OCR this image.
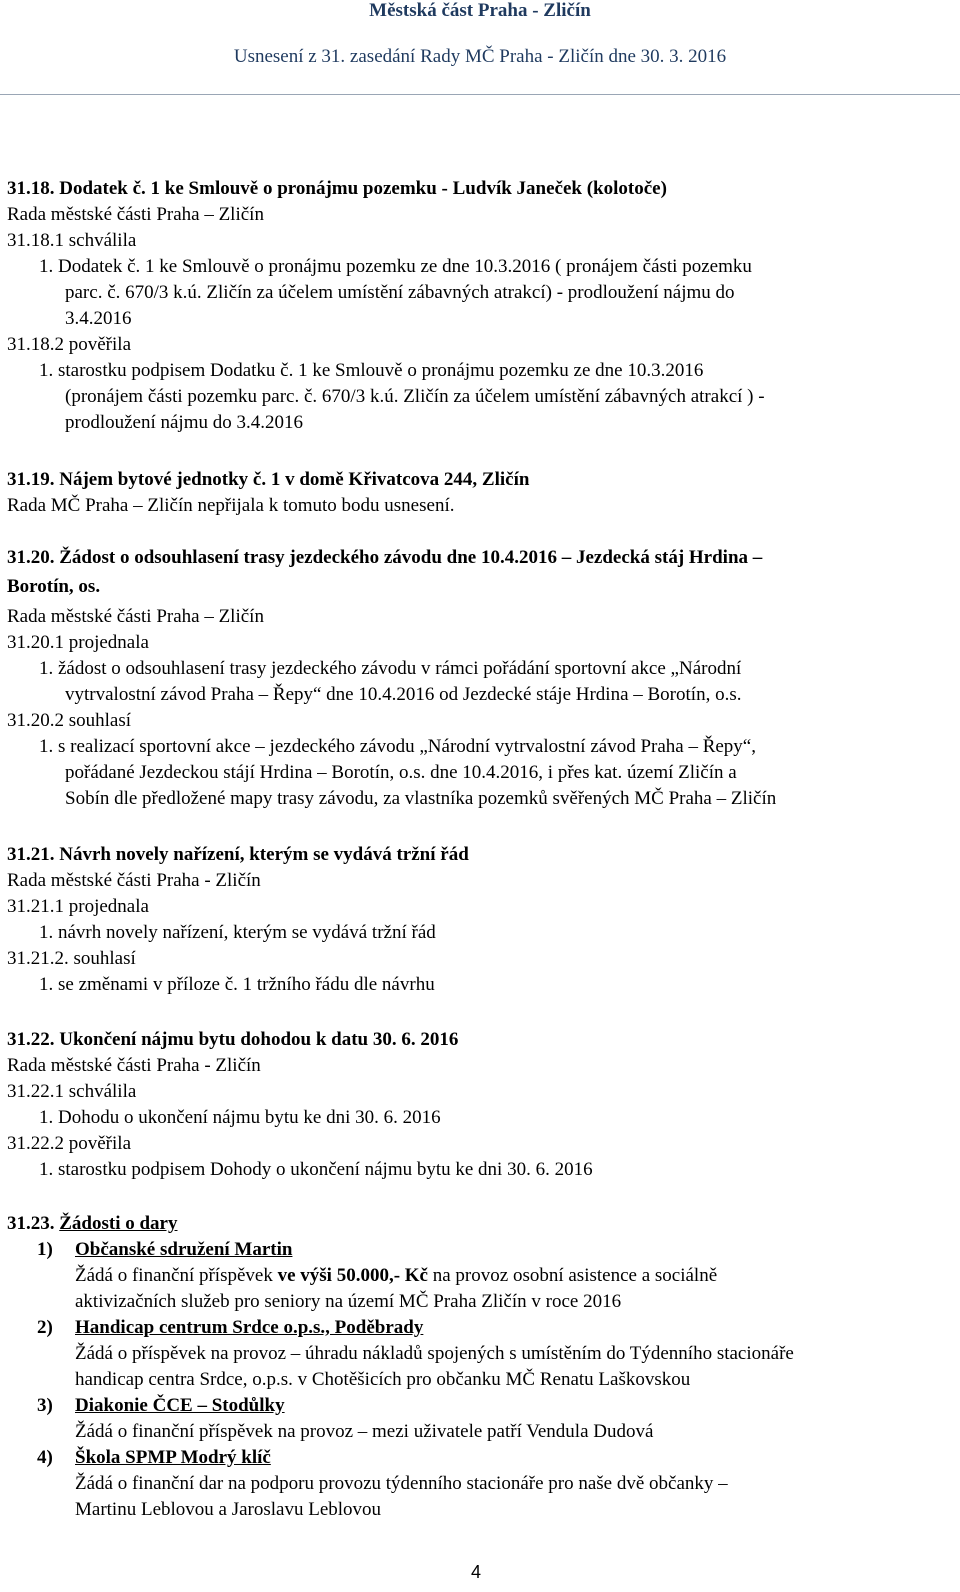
Městská část Praha - Zličín
Usnesení z 31. zasedání Rady MČ Praha - Zličín dne 30. 3. 2016
31.18. Dodatek č. 1 ke Smlouvě o pronájmu pozemku - Ludvík Janeček (kolotoče)
Rada městské části Praha – Zličín
31.18.1 schválila
1. Dodatek č. 1 ke Smlouvě o pronájmu pozemku ze dne 10.3.2016 ( pronájem části pozemku
parc. č. 670/3 k.ú. Zličín za účelem umístění zábavných atrakcí) - prodloužení nájmu do
3.4.2016
31.18.2 pověřila
1. starostku podpisem Dodatku č. 1 ke Smlouvě o pronájmu pozemku ze dne 10.3.2016
(pronájem části pozemku parc. č. 670/3 k.ú. Zličín za účelem umístění zábavných atrakcí ) -
prodloužení nájmu do 3.4.2016
31.19. Nájem bytové jednotky č. 1 v domě Křivatcova 244, Zličín
Rada MČ Praha – Zličín nepřijala k tomuto bodu usnesení.
31.20. Žádost o odsouhlasení trasy jezdeckého závodu dne 10.4.2016 – Jezdecká stáj Hrdina –
Borotín, os.
Rada městské části Praha – Zličín
31.20.1 projednala
1. žádost o odsouhlasení trasy jezdeckého závodu v rámci pořádání sportovní akce „Národní
vytrvalostní závod Praha – Řepy“ dne 10.4.2016 od Jezdecké stáje Hrdina – Borotín, o.s.
31.20.2 souhlasí
1. s realizací sportovní akce – jezdeckého závodu „Národní vytrvalostní závod Praha – Řepy“,
pořádané Jezdeckou stájí Hrdina – Borotín, o.s. dne 10.4.2016, i přes kat. území Zličín a
Sobín dle předložené mapy trasy závodu, za vlastníka pozemků svěřených MČ Praha – Zličín
31.21. Návrh novely nařízení, kterým se vydává tržní řád
Rada městské části Praha - Zličín
31.21.1 projednala
1. návrh novely nařízení, kterým se vydává tržní řád
31.21.2. souhlasí
1. se změnami v příloze č. 1 tržního řádu dle návrhu
31.22. Ukončení nájmu bytu dohodou k datu 30. 6. 2016
Rada městské části Praha - Zličín
31.22.1 schválila
1. Dohodu o ukončení nájmu bytu ke dni 30. 6. 2016
31.22.2 pověřila
1. starostku podpisem Dohody o ukončení nájmu bytu ke dni 30. 6. 2016
31.23. Žádosti o dary
1) Občanské sdružení Martin
Žádá o finanční příspěvek ve výši 50.000,- Kč na provoz osobní asistence a sociálně
aktivizačních služeb pro seniory na území MČ Praha Zličín v roce 2016
2) Handicap centrum Srdce o.p.s., Poděbrady
Žádá o příspěvek na provoz – úhradu nákladů spojených s umístěním do Týdenního stacionáře
handicap centra Srdce, o.p.s. v Chotěšicích pro občanku MČ Renatu Laškovskou
3) Diakonie ČCE – Stodůlky
Žádá o finanční příspěvek na provoz – mezi uživatele patří Vendula Dudová
4) Škola SPMP Modrý klíč
Žádá o finanční dar na podporu provozu týdenního stacionáře pro naše dvě občanky –
Martinu Leblovou a Jaroslavu Leblovou
4
